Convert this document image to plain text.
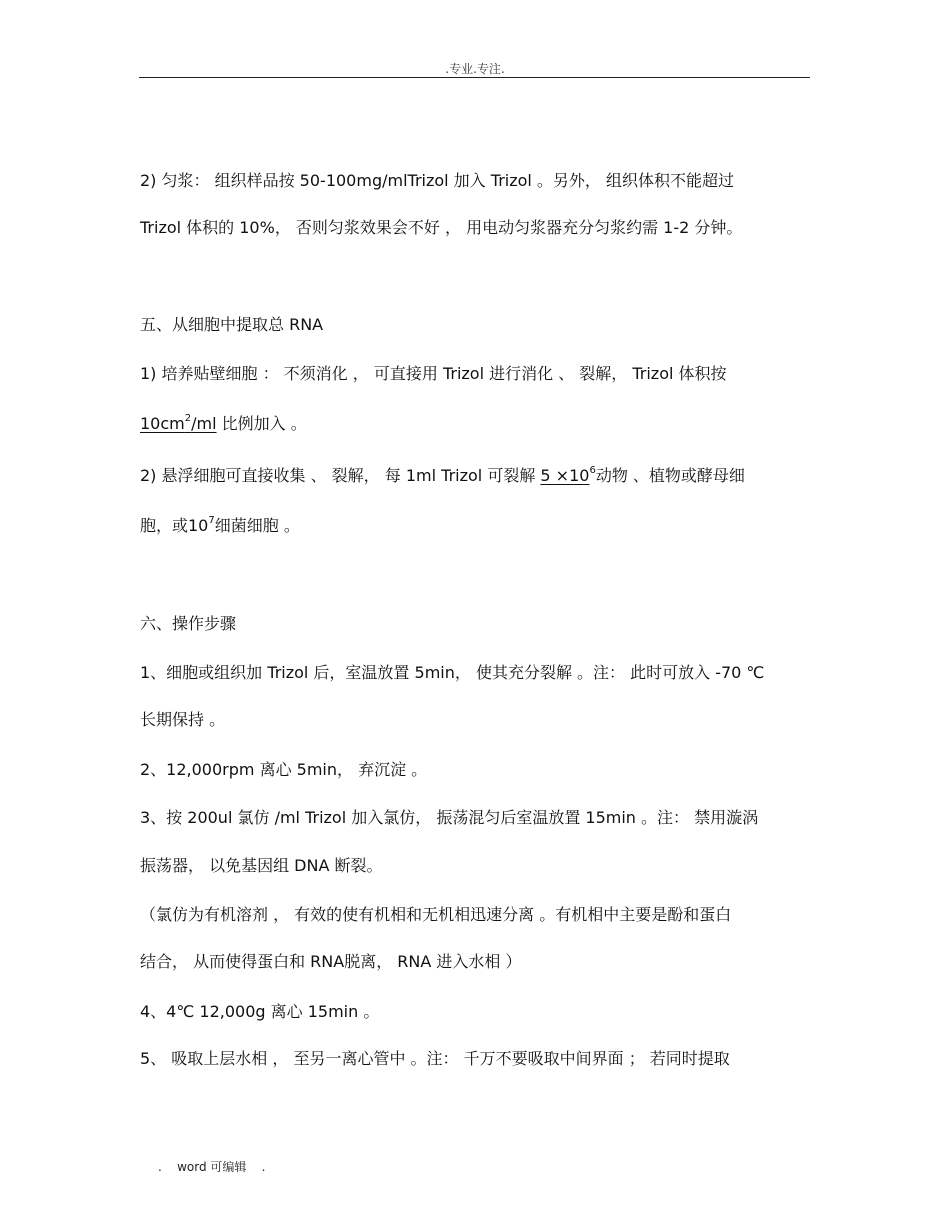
.专业.专注.
2) 匀浆： 组织样品按 50-100mg/mlTrizol 加入 Trizol 。另外， 组织体积不能超过
Trizol 体积的 10%， 否则匀浆效果会不好 ， 用电动匀浆器充分匀浆约需 1-2 分钟。
五、从细胞中提取总 RNA
1) 培养贴壁细胞 ： 不须消化 ， 可直接用 Trizol 进行消化 、 裂解， Trizol 体积按
$10cm^2/ml$ 比例加入 。
2) 悬浮细胞可直接收集 、 裂解， 每 1ml Trizol 可裂解 $5 \times 10^6$动物 、植物或酵母细
胞，或$10^7$细菌细胞 。
六、操作步骤
1、细胞或组织加 Trizol 后，室温放置 5min， 使其充分裂解 。注： 此时可放入 -70 ℃
长期保持 。
2、12,000rpm 离心 5min， 弃沉淀 。
3、按 200ul 氯仿 /ml Trizol 加入氯仿， 振荡混匀后室温放置 15min 。注： 禁用漩涡
振荡器， 以免基因组 DNA 断裂。
（氯仿为有机溶剂 ， 有效的使有机相和无机相迅速分离 。有机相中主要是酚和蛋白
结合， 从而使得蛋白和 RNA脱离， RNA 进入水相 ）
4、4℃ 12,000g 离心 15min 。
5、 吸取上层水相 ， 至另一离心管中 。注： 千万不要吸取中间界面 ； 若同时提取
.    word 可编辑    .
